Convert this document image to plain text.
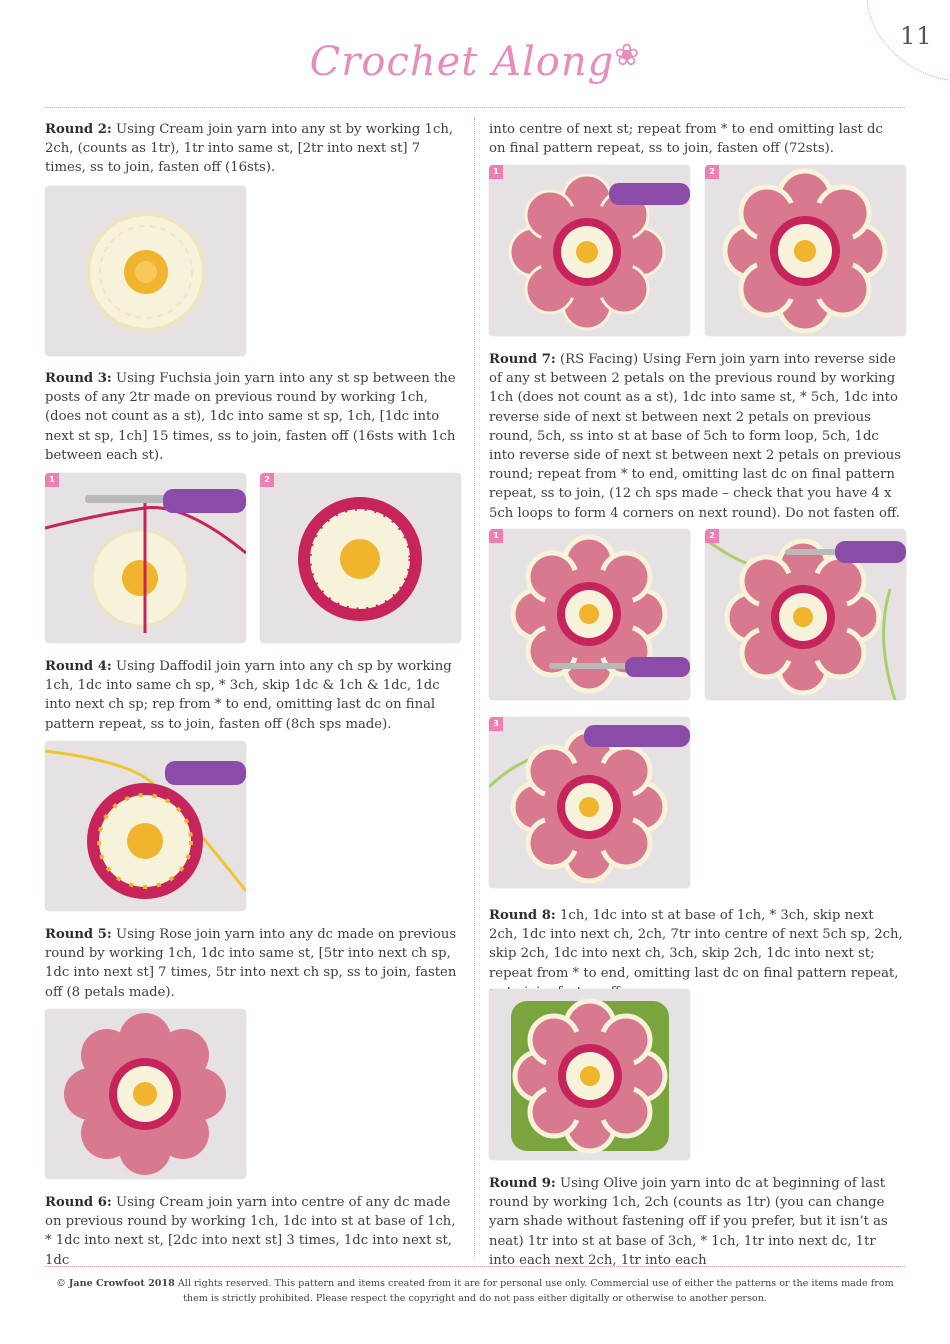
11
Crochet Along❀

Round 2: Using Cream join yarn into any st by working 1ch, 2ch, (counts as 1tr), 1tr into same st, [2tr into next st] 7 times, ss to join, fasten off (16sts).

Round 3: Using Fuchsia join yarn into any st sp between the posts of any 2tr made on previous round by working 1ch, (does not count as a st), 1dc into same st sp, 1ch, [1dc into next st sp, 1ch] 15 times, ss to join, fasten off (16sts with 1ch between each st).

1	2

Round 4: Using Daffodil join yarn into any ch sp by working 1ch, 1dc into same ch sp, * 3ch, skip 1dc & 1ch & 1dc, 1dc into next ch sp; rep from * to end, omitting last dc on final pattern repeat, ss to join, fasten off (8ch sps made).

Round 5: Using Rose join yarn into any dc made on previous round by working 1ch, 1dc into same st, [5tr into next ch sp, 1dc into next st] 7 times, 5tr into next ch sp, ss to join, fasten off (8 petals made).

Round 6: Using Cream join yarn into centre of any dc made on previous round by working 1ch, 1dc into st at base of 1ch, * 1dc into next st, [2dc into next st] 3 times, 1dc into next st, 1dc

into centre of next st; repeat from * to end omitting last dc on final pattern repeat, ss to join, fasten off (72sts).

1	2

Round 7: (RS Facing) Using Fern join yarn into reverse side of any st between 2 petals on the previous round by working 1ch (does not count as a st), 1dc into same st, * 5ch, 1dc into reverse side of next st between next 2 petals on previous round, 5ch, ss into st at base of 5ch to form loop, 5ch, 1dc into reverse side of next st between next 2 petals on previous round; repeat from * to end, omitting last dc on final pattern repeat, ss to join, (12 ch sps made – check that you have 4 x 5ch loops to form 4 corners on next round). Do not fasten off.

1	2
3

Round 8: 1ch, 1dc into st at base of 1ch, * 3ch, skip next 2ch, 1dc into next ch, 2ch, 7tr into centre of next 5ch sp, 2ch, skip 2ch, 1dc into next ch, 3ch, skip 2ch, 1dc into next st; repeat from * to end, omitting last dc on final pattern repeat,

Round 9: Using Olive join yarn into dc at beginning of last round by working 1ch, 2ch (counts as 1tr) (you can change yarn shade without fastening off if you prefer, but it isn’t as neat) 1tr into st at base of 3ch, * 1ch, 1tr into next dc, 1tr into each next 2ch, 1tr into each

© Jane Crowfoot 2018 All rights reserved. This pattern and items created from it are for personal use only. Commercial use of either the patterns or the items made from them is strictly prohibited. Please respect the copyright and do not pass either digitally or otherwise to another person.
